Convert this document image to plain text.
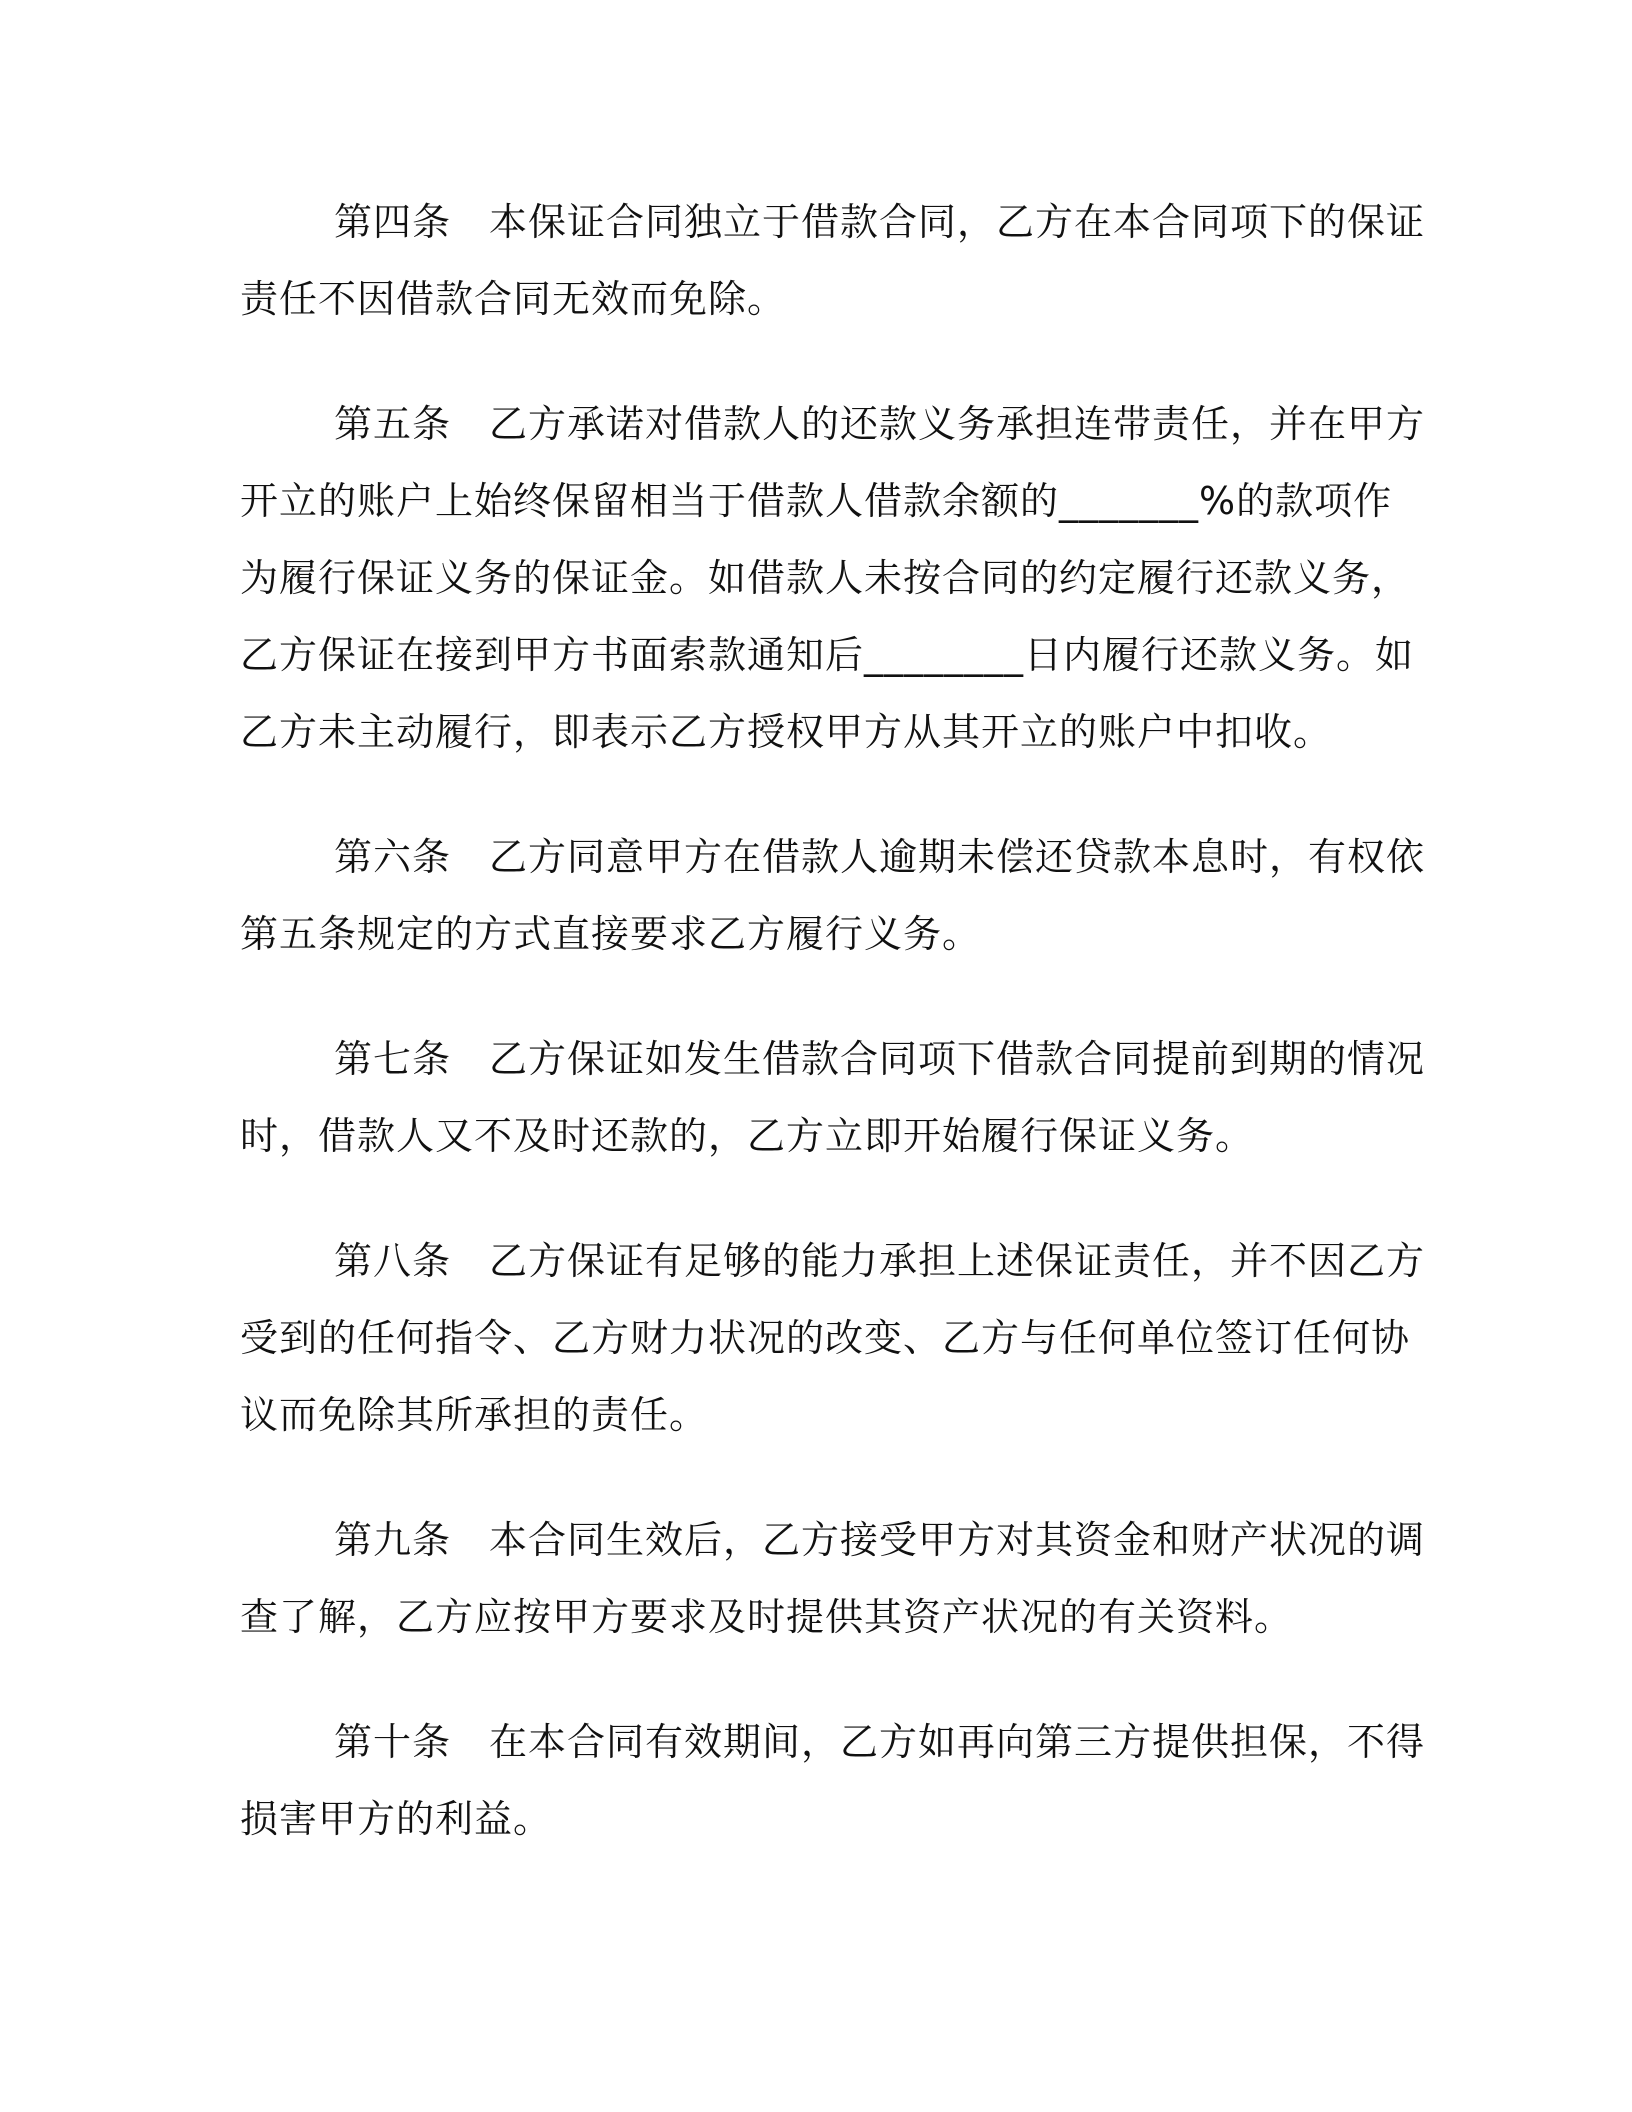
第四条 本保证合同独立于借款合同，乙方在本合同项下的保证
责任不因借款合同无效而免除。

第五条 乙方承诺对借款人的还款义务承担连带责任，并在甲方
开立的账户上始终保留相当于借款人借款余额的_______%的款项作
为履行保证义务的保证金。如借款人未按合同的约定履行还款义务，
乙方保证在接到甲方书面索款通知后________日内履行还款义务。如
乙方未主动履行，即表示乙方授权甲方从其开立的账户中扣收。

第六条 乙方同意甲方在借款人逾期未偿还贷款本息时，有权依
第五条规定的方式直接要求乙方履行义务。

第七条 乙方保证如发生借款合同项下借款合同提前到期的情况
时，借款人又不及时还款的，乙方立即开始履行保证义务。

第八条 乙方保证有足够的能力承担上述保证责任，并不因乙方
受到的任何指令、乙方财力状况的改变、乙方与任何单位签订任何协
议而免除其所承担的责任。

第九条 本合同生效后，乙方接受甲方对其资金和财产状况的调
查了解，乙方应按甲方要求及时提供其资产状况的有关资料。

第十条 在本合同有效期间，乙方如再向第三方提供担保，不得
损害甲方的利益。
